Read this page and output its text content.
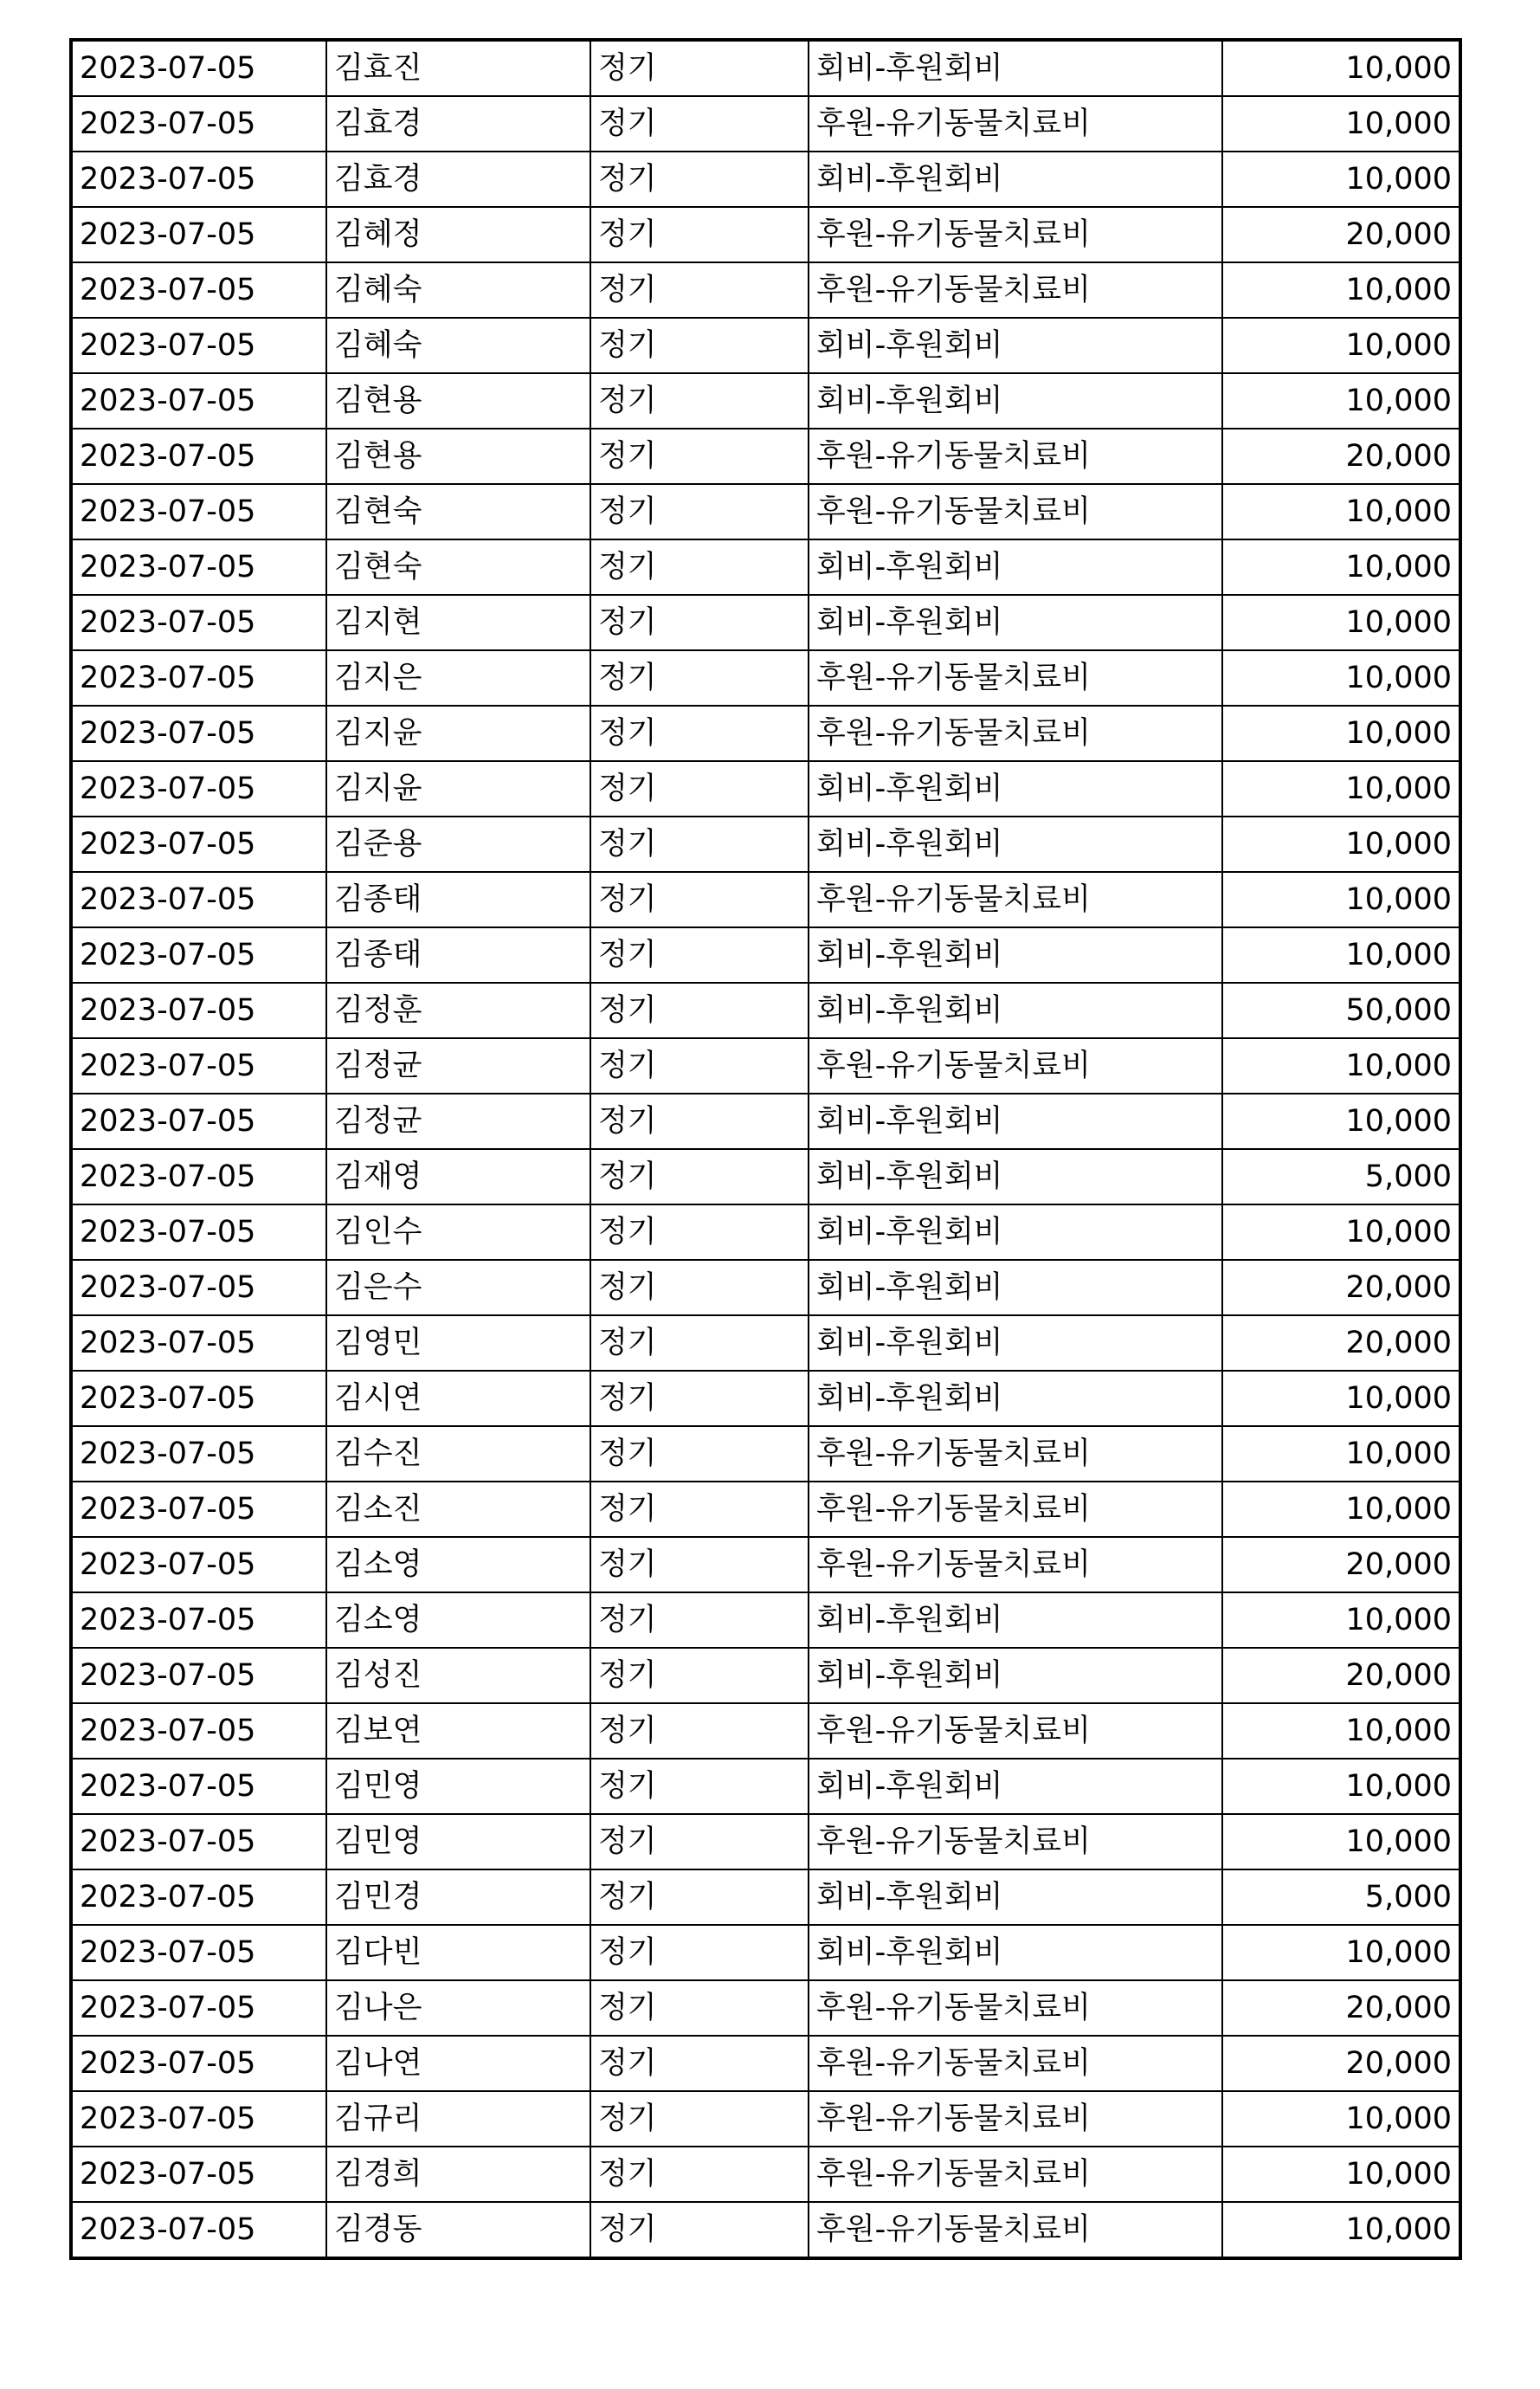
2023-07-05	김효진	정기	회비-후원회비	10,000
2023-07-05	김효경	정기	후원-유기동물치료비	10,000
2023-07-05	김효경	정기	회비-후원회비	10,000
2023-07-05	김혜정	정기	후원-유기동물치료비	20,000
2023-07-05	김혜숙	정기	후원-유기동물치료비	10,000
2023-07-05	김혜숙	정기	회비-후원회비	10,000
2023-07-05	김현용	정기	회비-후원회비	10,000
2023-07-05	김현용	정기	후원-유기동물치료비	20,000
2023-07-05	김현숙	정기	후원-유기동물치료비	10,000
2023-07-05	김현숙	정기	회비-후원회비	10,000
2023-07-05	김지현	정기	회비-후원회비	10,000
2023-07-05	김지은	정기	후원-유기동물치료비	10,000
2023-07-05	김지윤	정기	후원-유기동물치료비	10,000
2023-07-05	김지윤	정기	회비-후원회비	10,000
2023-07-05	김준용	정기	회비-후원회비	10,000
2023-07-05	김종태	정기	후원-유기동물치료비	10,000
2023-07-05	김종태	정기	회비-후원회비	10,000
2023-07-05	김정훈	정기	회비-후원회비	50,000
2023-07-05	김정균	정기	후원-유기동물치료비	10,000
2023-07-05	김정균	정기	회비-후원회비	10,000
2023-07-05	김재영	정기	회비-후원회비	5,000
2023-07-05	김인수	정기	회비-후원회비	10,000
2023-07-05	김은수	정기	회비-후원회비	20,000
2023-07-05	김영민	정기	회비-후원회비	20,000
2023-07-05	김시연	정기	회비-후원회비	10,000
2023-07-05	김수진	정기	후원-유기동물치료비	10,000
2023-07-05	김소진	정기	후원-유기동물치료비	10,000
2023-07-05	김소영	정기	후원-유기동물치료비	20,000
2023-07-05	김소영	정기	회비-후원회비	10,000
2023-07-05	김성진	정기	회비-후원회비	20,000
2023-07-05	김보연	정기	후원-유기동물치료비	10,000
2023-07-05	김민영	정기	회비-후원회비	10,000
2023-07-05	김민영	정기	후원-유기동물치료비	10,000
2023-07-05	김민경	정기	회비-후원회비	5,000
2023-07-05	김다빈	정기	회비-후원회비	10,000
2023-07-05	김나은	정기	후원-유기동물치료비	20,000
2023-07-05	김나연	정기	후원-유기동물치료비	20,000
2023-07-05	김규리	정기	후원-유기동물치료비	10,000
2023-07-05	김경희	정기	후원-유기동물치료비	10,000
2023-07-05	김경동	정기	후원-유기동물치료비	10,000
